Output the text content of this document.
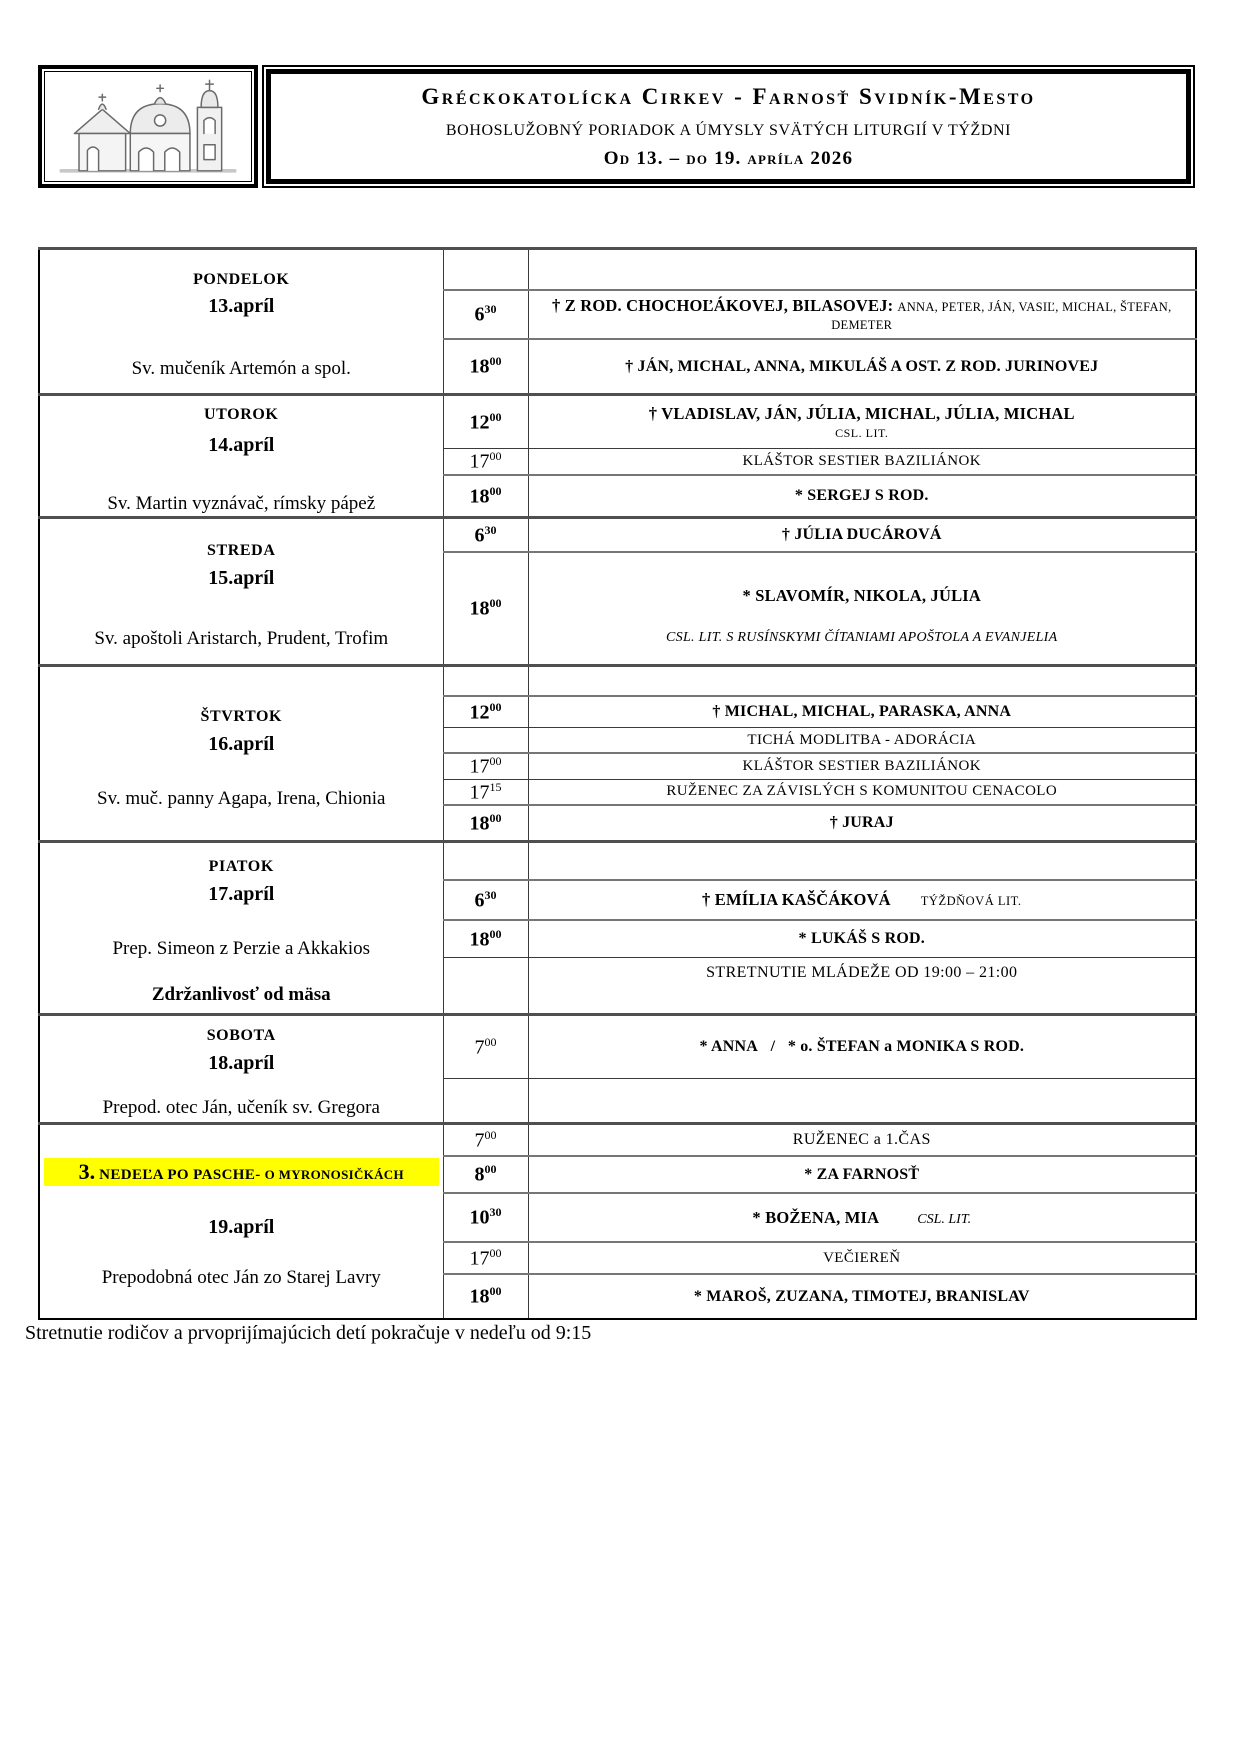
Gréckokatolícka Cirkev - Farnosť Svidník-Mesto
BOHOSLUŽOBNÝ PORIADOK A ÚMYSLY SVÄTÝCH LITURGIÍ V TÝŽDNI
Od 13. – do 19. apríla 2026
PONDELOK
13.apríl
Sv. mučeník Artemón a spol.		

	$6^{30}$	† Z ROD. CHOCHOĽÁKOVEJ, BILASOVEJ: ANNA, PETER, JÁN, VASIĽ, MICHAL, ŠTEFAN, DEMETER
	$18^{00}$	† JÁN, MICHAL, ANNA, MIKULÁŠ A OST. Z ROD. JURINOVEJ

UTOROK
14.apríl
Sv. Martin vyznávač, rímsky pápež
	$12^{00}$	† VLADISLAV, JÁN, JÚLIA, MICHAL, JÚLIA, MICHAL
CSL. LIT.

	$17^{00}$	KLÁŠTOR SESTIER BAZILIÁNOK
	$18^{00}$	* SERGEJ S ROD.

STREDA
15.apríl
Sv. apoštoli Aristarch, Prudent, Trofim	$6^{30}$	† JÚLIA DUCÁROVÁ
	$18^{00}$	* SLAVOMÍR, NIKOLA, JÚLIA
CSL. LIT. S RUSÍNSKYMI ČÍTANIAMI APOŠTOLA A EVANJELIA

ŠTVRTOK
16.apríl
Sv. muč. panny Agapa, Irena, Chionia		

	$12^{00}$	† MICHAL, MICHAL, PARASKA, ANNA
		TICHÁ MODLITBA - ADORÁCIA
	$17^{00}$	KLÁŠTOR SESTIER BAZILIÁNOK
	$17^{15}$	RUŽENEC ZA ZÁVISLÝCH S KOMUNITOU CENACOLO
	$18^{00}$	† JURAJ

PIATOK
17.apríl
Prep. Simeon z Perzie a Akkakios
Zdržanlivosť od mäsa		

	$6^{30}$	† EMÍLIA KAŠČÁKOVÁ TÝŽDŇOVÁ LIT.
	$18^{00}$	* LUKÁŠ S ROD.
		STRETNUTIE MLÁDEŽE OD 19:00 – 21:00

SOBOTA
18.apríl
Prepod. otec Ján, učeník sv. Gregora	$7^{00}$	* ANNA   /   * o. ŠTEFAN a MONIKA S ROD.

3. NEDEĽA PO PASCHE- O MYRONOSIČKÁCH
19.apríl
Prepodobná otec Ján zo Starej Lavry	$7^{00}$	RUŽENEC a 1.ČAS
	$8^{00}$	* ZA FARNOSŤ
	$10^{30}$	* BOŽENA, MIA CSL. LIT.
	$17^{00}$	VEČIEREŇ
	$18^{00}$	* MAROŠ, ZUZANA, TIMOTEJ, BRANISLAV
Stretnutie rodičov a prvoprijímajúcich detí pokračuje v nedeľu od 9:15
